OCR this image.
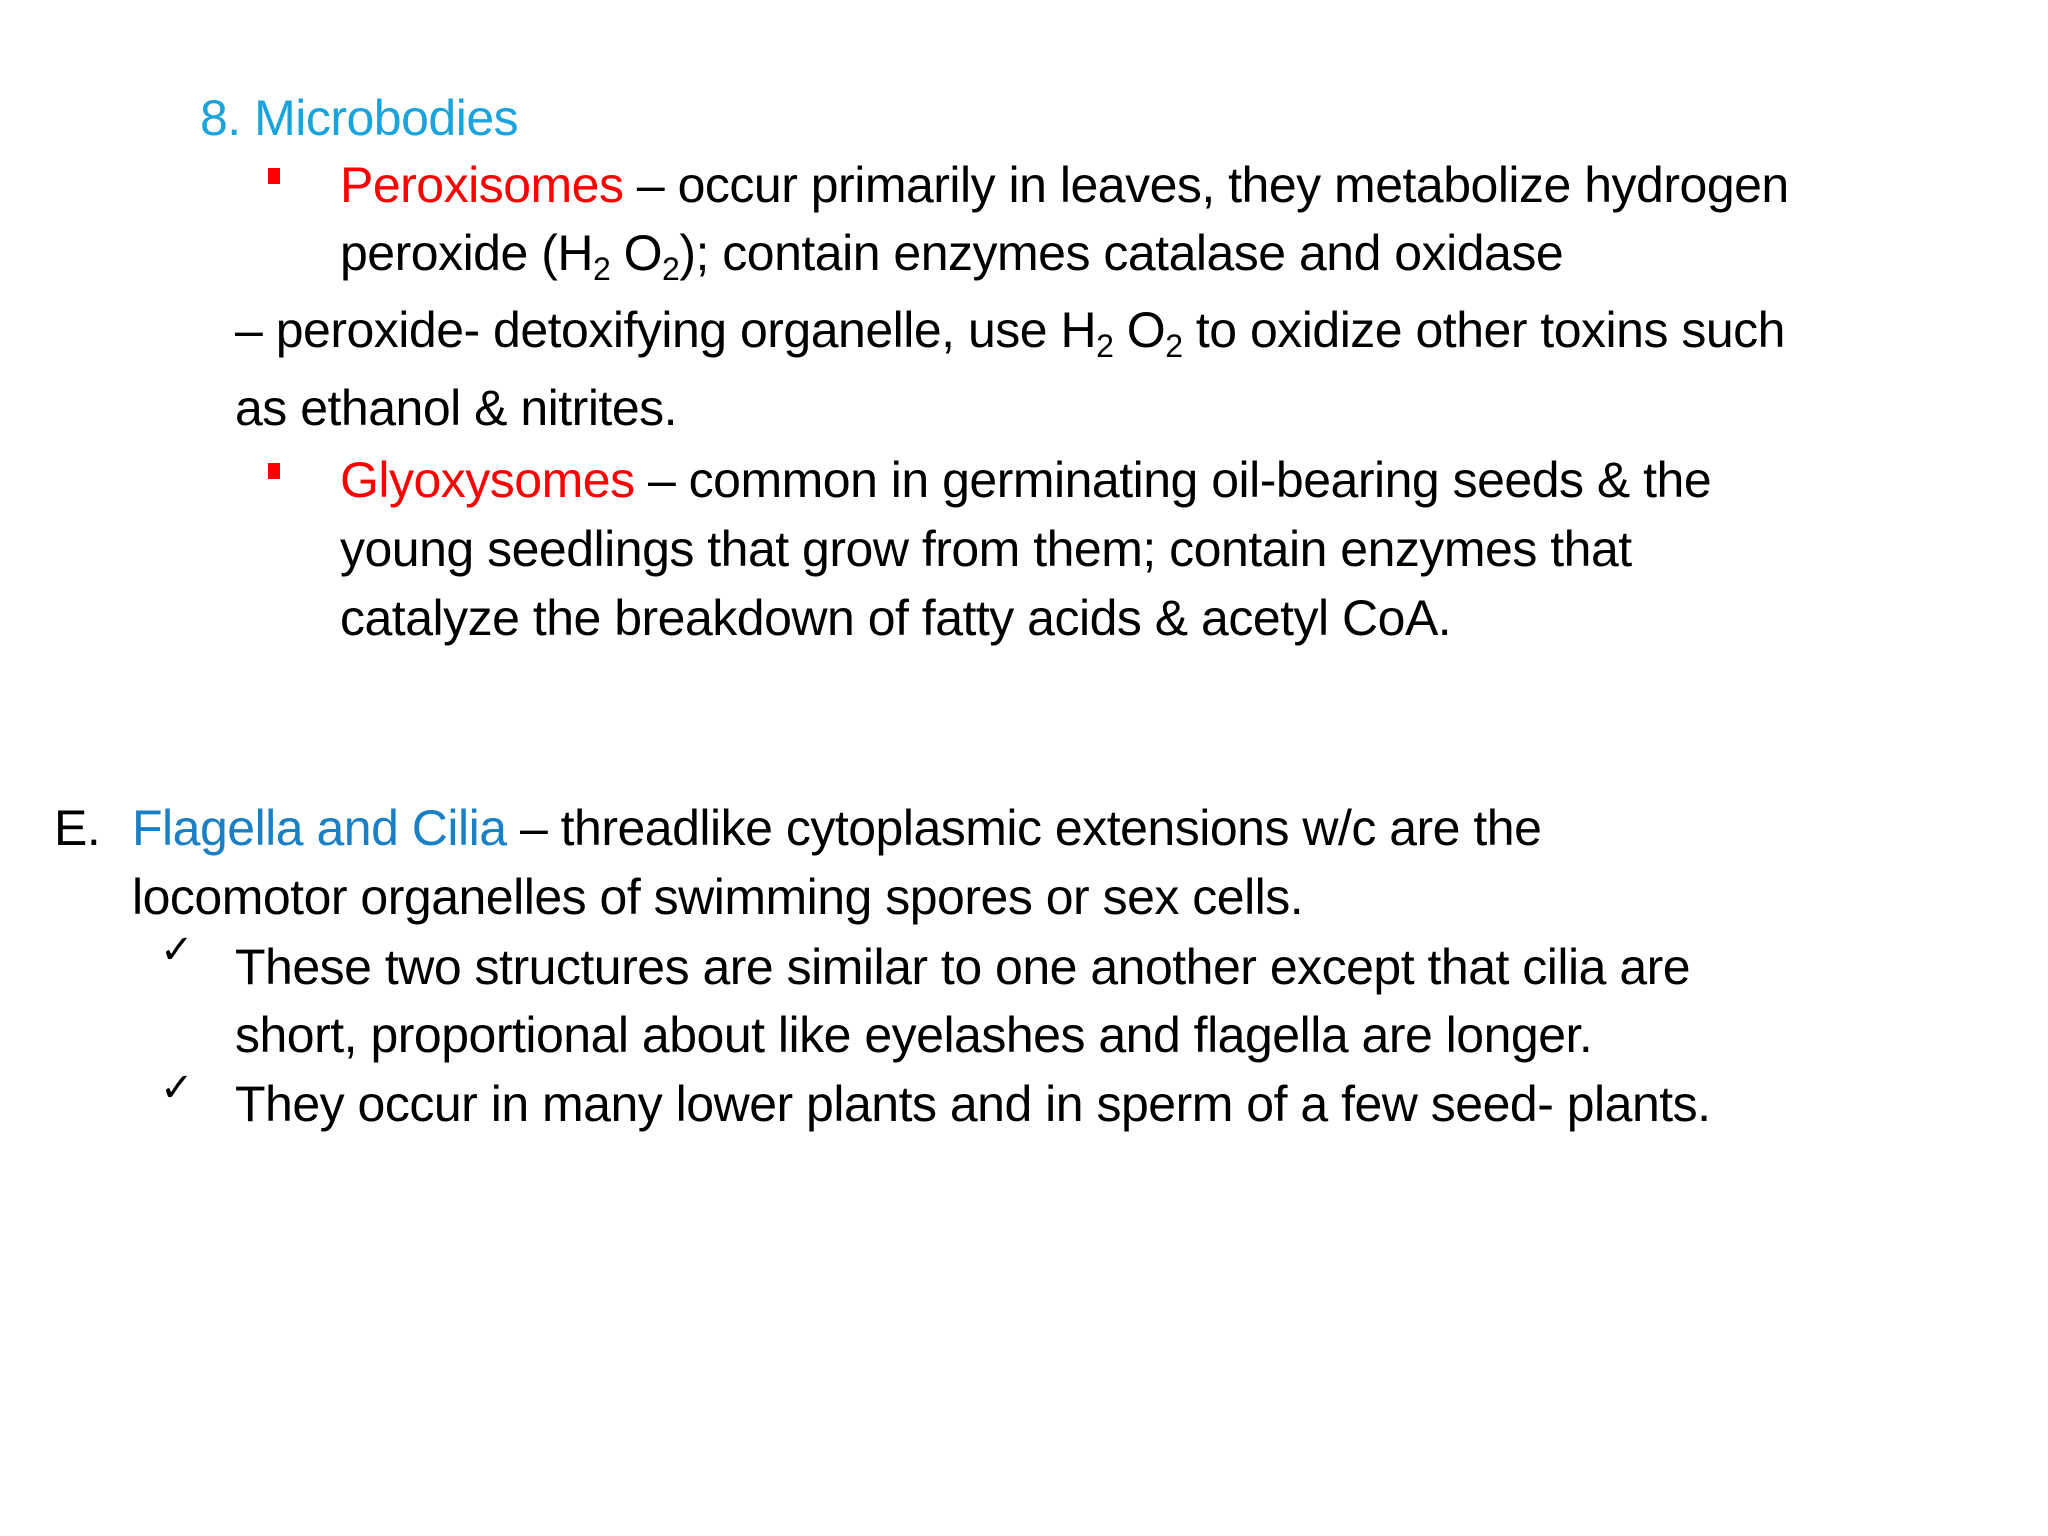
8. Microbodies
Peroxisomes – occur primarily in leaves, they metabolize hydrogen
peroxide ($H_2$ $O_2$); contain enzymes catalase and oxidase
– peroxide- detoxifying organelle, use $H_2$ $O_2$ to oxidize other toxins such
as ethanol & nitrites.
Glyoxysomes – common in germinating oil-bearing seeds & the
young seedlings that grow from them; contain enzymes that
catalyze the breakdown of fatty acids & acetyl CoA.
E. Flagella and Cilia – threadlike cytoplasmic extensions w/c are the
locomotor organelles of swimming spores or sex cells.
✓ These two structures are similar to one another except that cilia are
short, proportional about like eyelashes and flagella are longer.
✓ They occur in many lower plants and in sperm of a few seed- plants.
